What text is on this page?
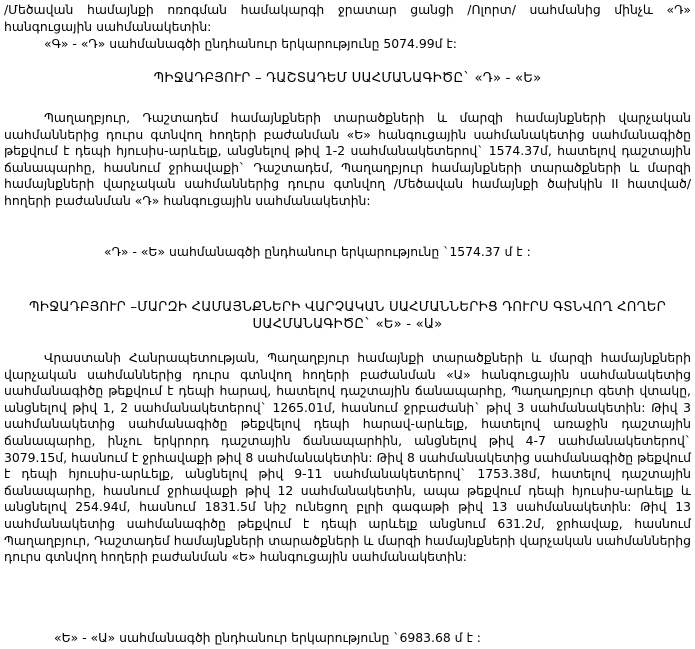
/Մեծավան համայնքի ոռոգման համակարգի ջրատար ցանցի /Ոլորտ/ սահմանից մինչև «Դ» հանգուցային սահմանակետին:

«Գ» - «Դ» սահմանագծի ընդհանուր երկարությունը 5074.99մ է:

ՊԻՋԱԴԲՅՈՒՐ – ԴԱՇՏԱԴԵՄ ՍԱՀՄԱՆԱԳԻԾԸ` «Դ» - «Ե»

Պաղաղբյուր, Դաշտադեմ համայնքների տարածքների և մարզի համայնքների վարչական սահմաններից դուրս գտնվող հողերի բաժանման «Ե» հանգուցային սահմանակետից սահմանագիծը թեքվում է դեպի հյուսիս-արևելք, անցնելով թիվ 1-2 սահմանակետերով` 1574.37մ, հատելով դաշտային ճանապարհը, հասնում ջրհավաքի` Դաշտադեմ, Պաղաղբյուր համայնքների տարածքների և մարզի համայնքների վարչական սահմաններից դուրս գտնվող /Մեծավան համայնքի ծախկին II հատված/ հողերի բաժանման «Դ» հանգուցային սահմանակետին:

«Դ» - «Ե» սահմանագծի ընդհանուր երկարությունը `1574.37 մ է :

ՊԻՋԱԴԲՅՈՒՐ –ՄԱՐԶԻ ՀԱՄԱՅՆՔՆԵՐԻ ՎԱՐՉԱԿԱՆ ՍԱՀՄԱՆՆԵՐԻՑ ԴՈՒՐՍ ԳՏՆՎՈՂ ՀՈՂԵՐ

ՍԱՀՄԱՆԱԳԻԾԸ` «Ե» - «Ա»

Վրաստանի Հանրապետության, Պաղաղբյուր համայնքի տարածքների և մարզի համայնքների վարչական սահմաններից դուրս գտնվող հողերի բաժանման «Ա» հանգուցային սահմանակետից սահմանագիծը թեքվում է դեպի հարավ, հատելով դաշտային ճանապարհը, Պաղաղբյուր գետի վտակը, անցնելով թիվ 1, 2 սահմանակետերով` 1265.01մ, հասնում ջրբաժանի` թիվ 3 սահմանակետին: Թիվ 3 սահմանակետից սահմանագիծը թեքվելով դեպի հարավ-արևելք, հատելով առաջին դաշտային ճանապարհը, ինչու երկրորդ դաշտային ճանապարհին, անցնելով թիվ 4-7 սահմանակետերով` 3079.15մ, հասնում է ջրհավաքի թիվ 8 սահմանակետին: Թիվ 8 սահմանակետից սահմանագիծը թեքվում է դեպի հյուսիս-արևելք, անցնելով թիվ 9-11 սահմանակետերով` 1753.38մ, հատելով դաշտային ճանապարհը, հասնում ջրհավաքի թիվ 12 սահմանակետին, ապա թեքվում դեպի հյուսիս-արևելք և անցնելով 254.94մ, հասնում 1831.5մ նիշ ունեցող բլրի գագաթի թիվ 13 սահմանակետին: Թիվ 13 սահմանակետից սահմանագիծը թեքվում է դեպի արևելք անցնում 631.2մ, ջրհավաք, հասնում Պաղաղբյուր, Դաշտադեմ համայնքների տարածքների և մարզի համայնքների վարչական սահմաններից դուրս գտնվող հողերի բաժանման «Ե» հանգուցային սահմանակետին:

«Ե» - «Ա» սահմանագծի ընդհանուր երկարությունը `6983.68 մ է :
